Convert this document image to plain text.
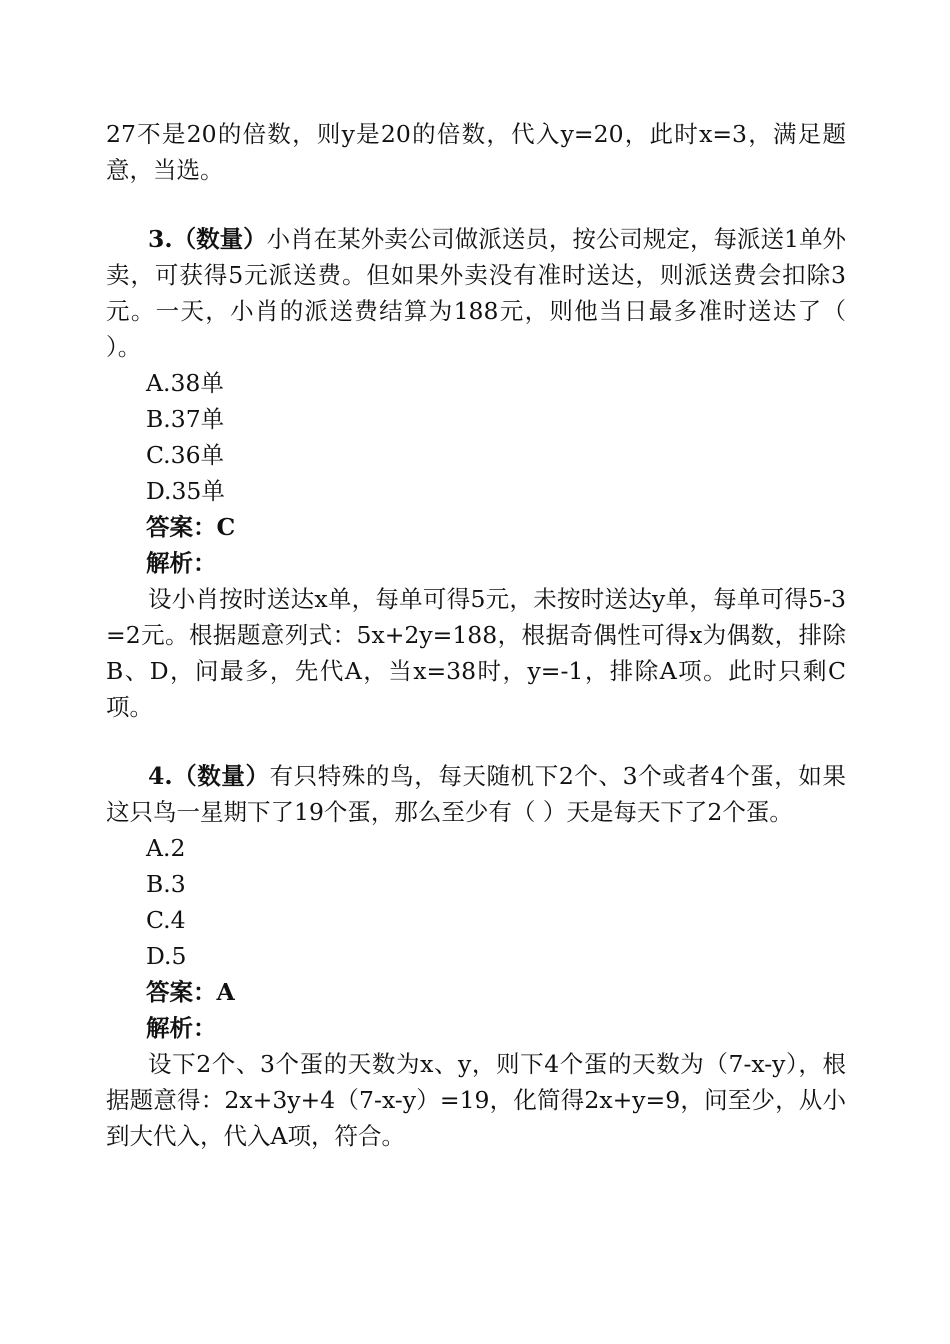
27不是20的倍数，则y是20的倍数，代入y=20，此时x=3，满足题意，当选。

3.（数量）小肖在某外卖公司做派送员，按公司规定，每派送1单外卖，可获得5元派送费。但如果外卖没有准时送达，则派送费会扣除3元。一天，小肖的派送费结算为188元，则他当日最多准时送达了（ ）。

A.38单

B.37单

C.36单

D.35单

答案：C

解析：

设小肖按时送达x单，每单可得5元，未按时送达y单，每单可得5-3=2元。根据题意列式：5x+2y=188，根据奇偶性可得x为偶数，排除B、D，问最多，先代A，当x=38时，y=-1，排除A项。此时只剩C项。

4.（数量）有只特殊的鸟，每天随机下2个、3个或者4个蛋，如果这只鸟一星期下了19个蛋，那么至少有（ ）天是每天下了2个蛋。

A.2

B.3

C.4

D.5

答案：A

解析：

设下2个、3个蛋的天数为x、y，则下4个蛋的天数为（7-x-y），根据题意得：2x+3y+4（7-x-y）=19，化简得2x+y=9，问至少，从小到大代入，代入A项，符合。
